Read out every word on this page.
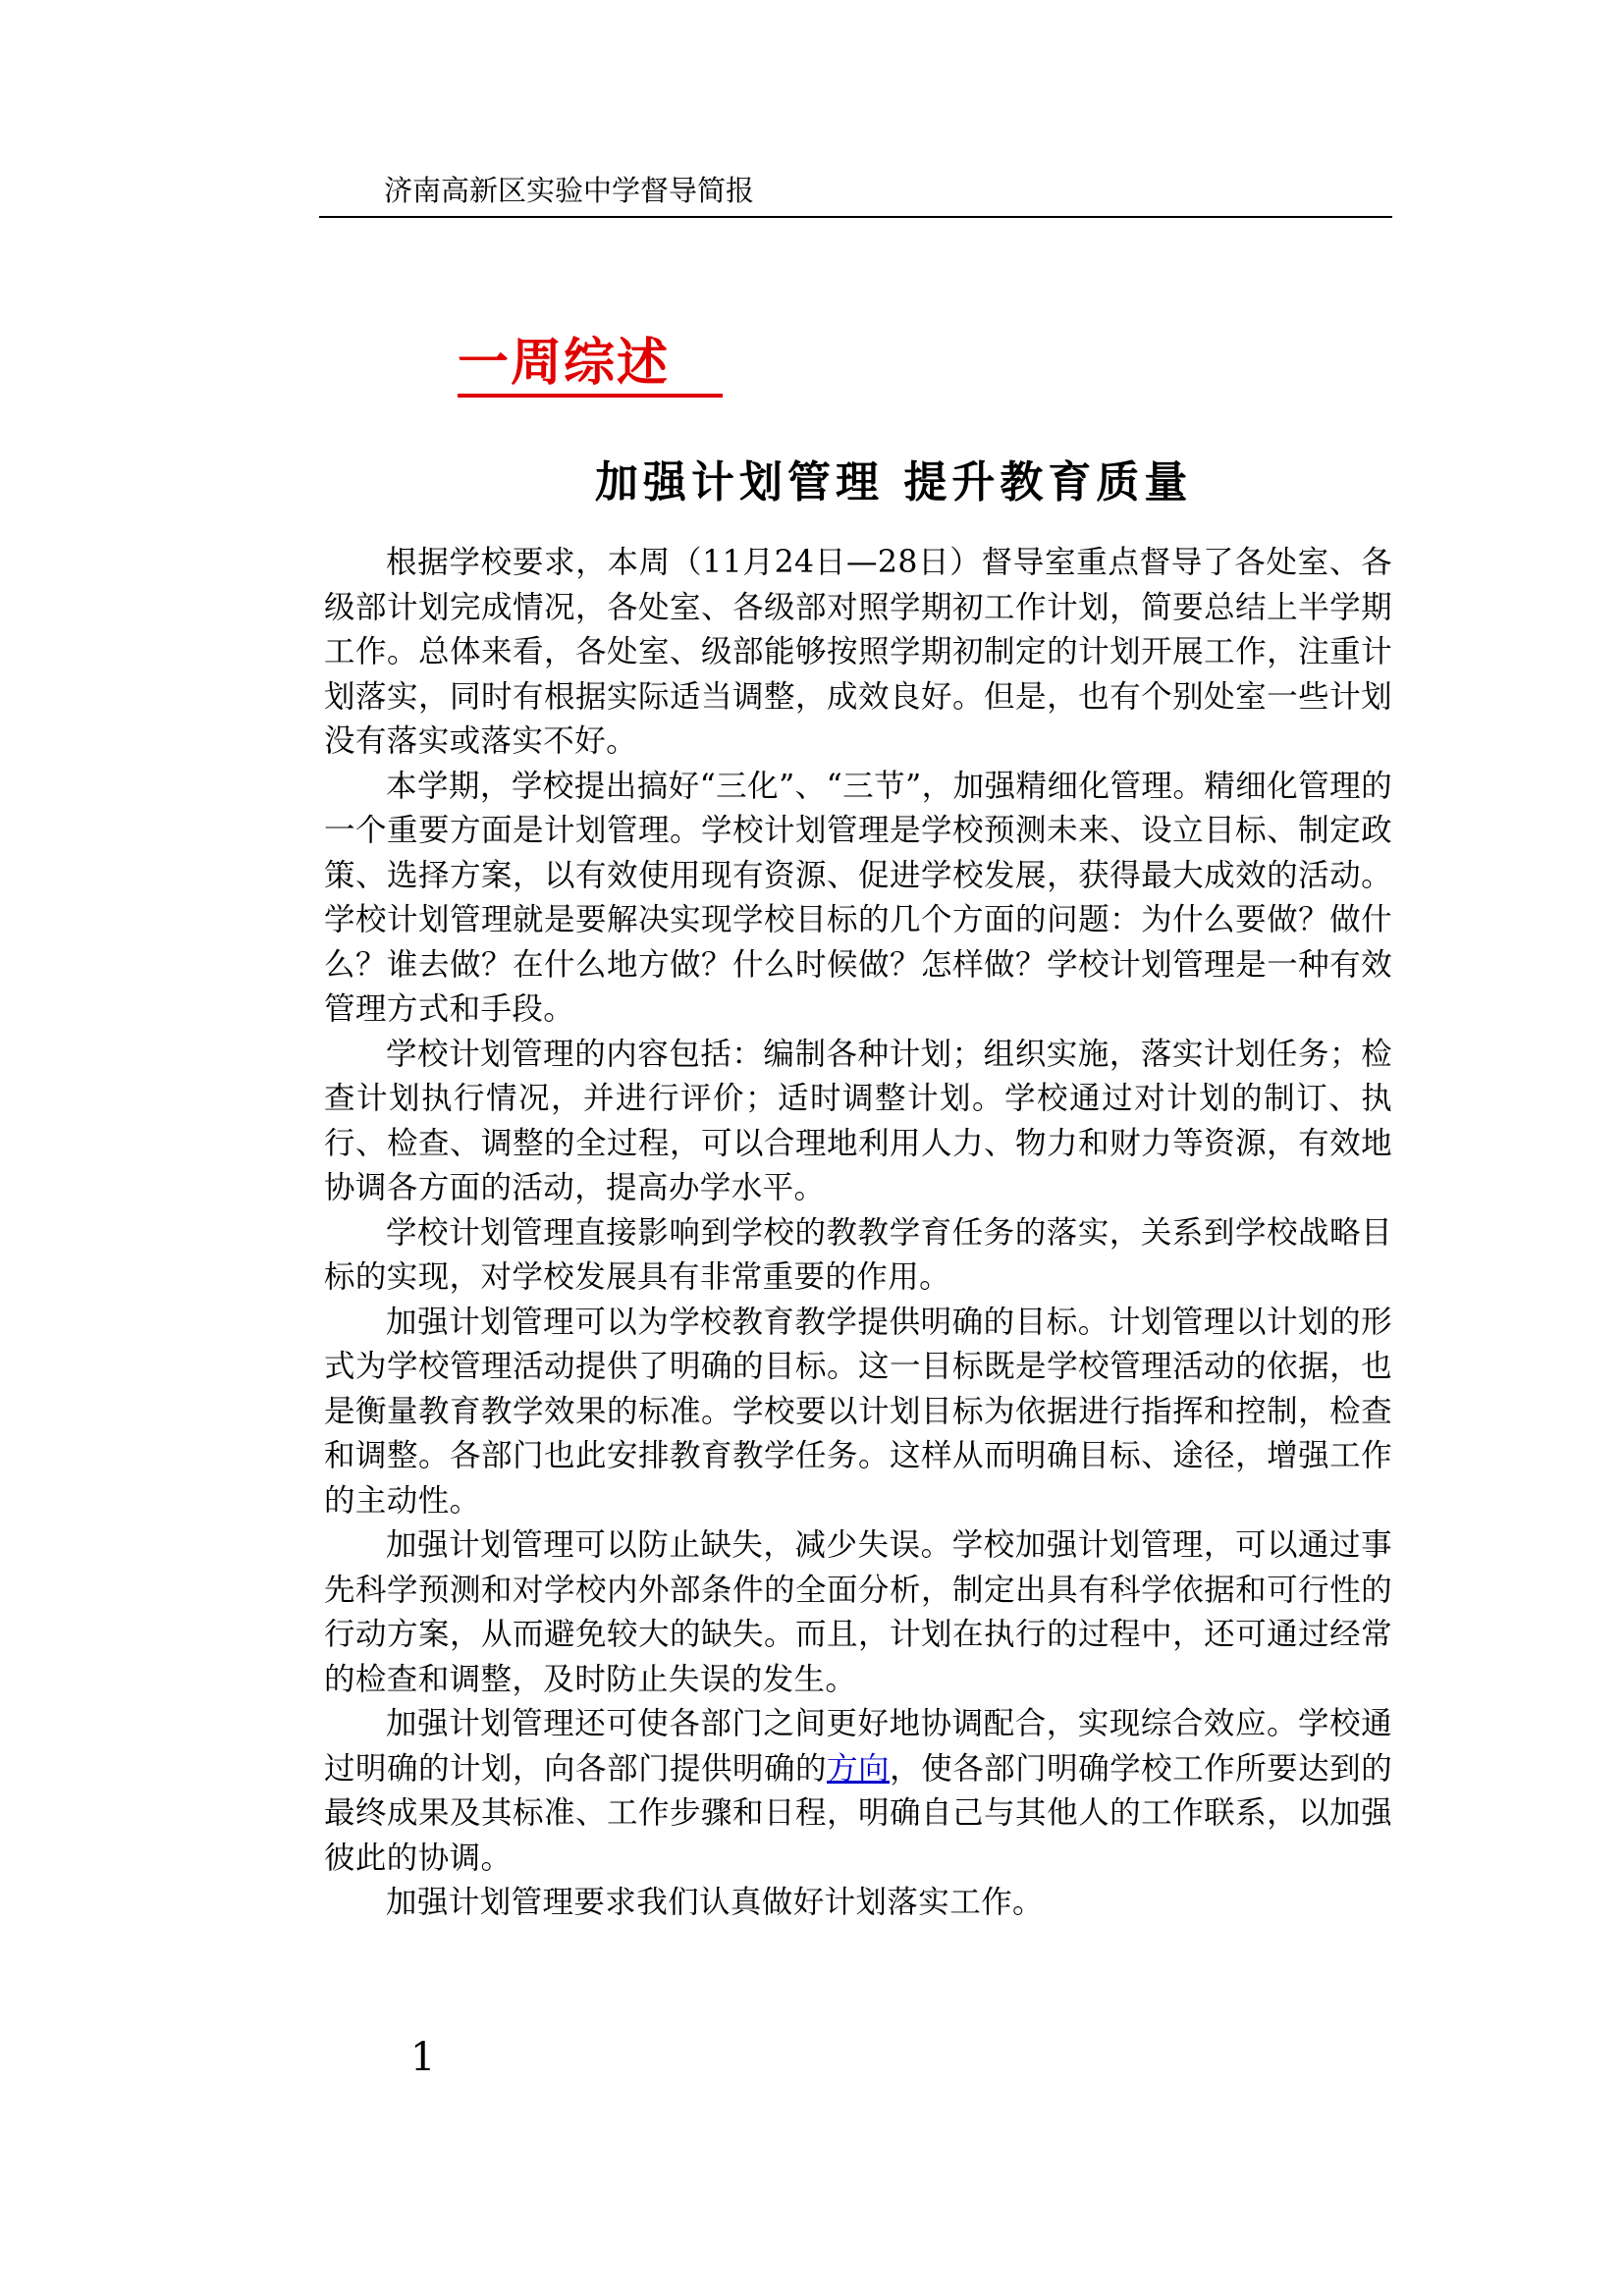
济南高新区实验中学督导简报
一周综述
加强计划管理 提升教育质量

根据学校要求，本周（11月24日—28日）督导室重点督导了各处室、各级部计划完成情况，各处室、各级部对照学期初工作计划，简要总结上半学期工作。总体来看，各处室、级部能够按照学期初制定的计划开展工作，注重计划落实，同时有根据实际适当调整，成效良好。但是，也有个别处室一些计划没有落实或落实不好。

本学期，学校提出搞好“三化”、“三节”，加强精细化管理。精细化管理的一个重要方面是计划管理。学校计划管理是学校预测未来、设立目标、制定政策、选择方案，以有效使用现有资源、促进学校发展，获得最大成效的活动。学校计划管理就是要解决实现学校目标的几个方面的问题：为什么要做？做什么？谁去做？在什么地方做？什么时候做？怎样做？学校计划管理是一种有效管理方式和手段。

学校计划管理的内容包括：编制各种计划；组织实施，落实计划任务；检查计划执行情况，并进行评价；适时调整计划。学校通过对计划的制订、执行、检查、调整的全过程，可以合理地利用人力、物力和财力等资源，有效地协调各方面的活动，提高办学水平。

学校计划管理直接影响到学校的教教学育任务的落实，关系到学校战略目标的实现，对学校发展具有非常重要的作用。

加强计划管理可以为学校教育教学提供明确的目标。计划管理以计划的形式为学校管理活动提供了明确的目标。这一目标既是学校管理活动的依据，也是衡量教育教学效果的标准。学校要以计划目标为依据进行指挥和控制，检查和调整。各部门也此安排教育教学任务。这样从而明确目标、途径，增强工作的主动性。

加强计划管理可以防止缺失，减少失误。学校加强计划管理，可以通过事先科学预测和对学校内外部条件的全面分析，制定出具有科学依据和可行性的行动方案，从而避免较大的缺失。而且，计划在执行的过程中，还可通过经常的检查和调整，及时防止失误的发生。

加强计划管理还可使各部门之间更好地协调配合，实现综合效应。学校通过明确的计划，向各部门提供明确的方向，使各部门明确学校工作所要达到的最终成果及其标准、工作步骤和日程，明确自己与其他人的工作联系，以加强彼此的协调。

加强计划管理要求我们认真做好计划落实工作。

1
